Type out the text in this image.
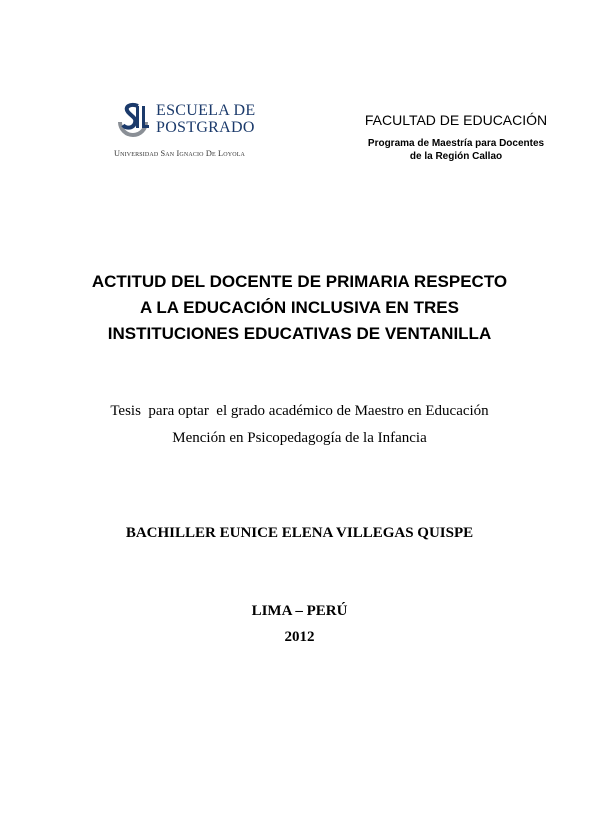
ESCUELA DE
POSTGRADO
Universidad San Ignacio De Loyola
FACULTAD DE EDUCACIÓN
Programa de Maestría para Docentes
de la Región Callao
ACTITUD DEL DOCENTE DE PRIMARIA RESPECTO
A LA EDUCACIÓN INCLUSIVA EN TRES
INSTITUCIONES EDUCATIVAS DE VENTANILLA
Tesis  para optar  el grado académico de Maestro en Educación
Mención en Psicopedagogía de la Infancia
BACHILLER EUNICE ELENA VILLEGAS QUISPE
LIMA – PERÚ
2012
